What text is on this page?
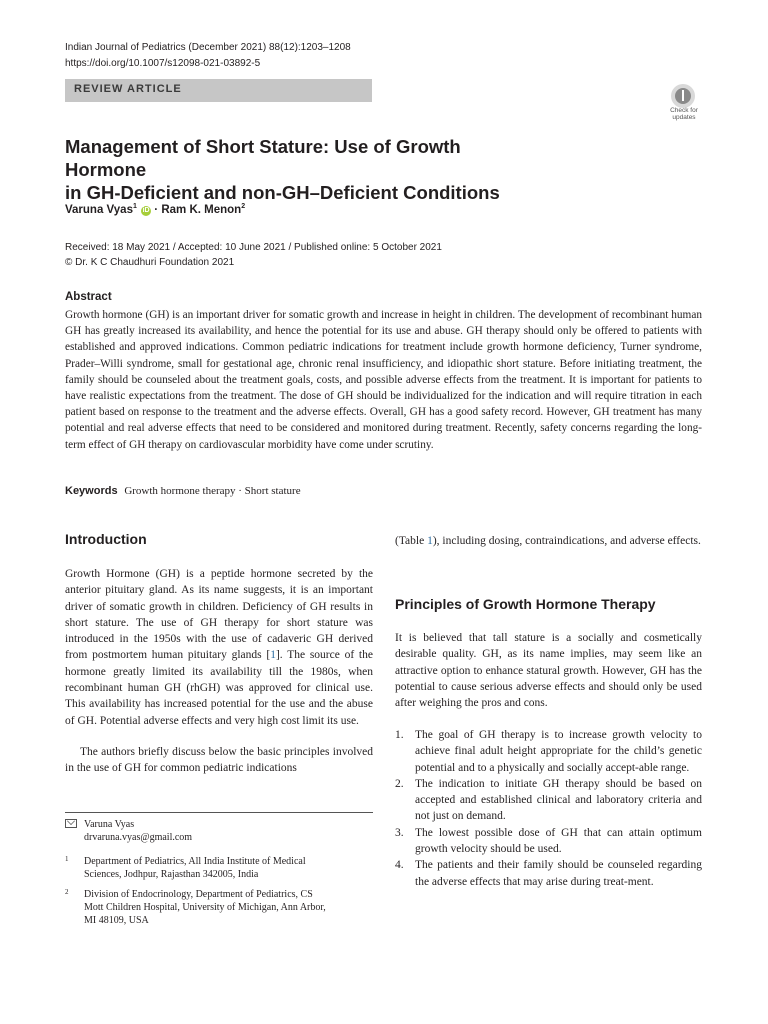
Indian Journal of Pediatrics (December 2021) 88(12):1203–1208
https://doi.org/10.1007/s12098-021-03892-5
REVIEW ARTICLE
Check for
updates
Management of Short Stature: Use of Growth Hormone
in GH-Deficient and non-GH–Deficient Conditions
Varuna Vyas$^1$ iD · Ram K. Menon$^2$
Received: 18 May 2021 / Accepted: 10 June 2021 / Published online: 5 October 2021
© Dr. K C Chaudhuri Foundation 2021
Abstract
Growth hormone (GH) is an important driver for somatic growth and increase in height in children. The development of recombinant human GH has greatly increased its availability, and hence the potential for its use and abuse. GH therapy should only be offered to patients with established and approved indications. Common pediatric indications for treatment include growth hormone deficiency, Turner syndrome, Prader–Willi syndrome, small for gestational age, chronic renal insufficiency, and idiopathic short stature. Before initiating treatment, the family should be counseled about the treatment goals, costs, and possible adverse effects from the treatment. It is important for patients to have realistic expectations from the treatment. The dose of GH should be individualized for the indication and will require titration in each patient based on response to the treatment and the adverse effects. Overall, GH has a good safety record. However, GH treatment has many potential and real adverse effects that need to be considered and monitored during treatment. Recently, safety concerns regarding the long-term effect of GH therapy on cardiovascular morbidity have come under scrutiny.
Keywords Growth hormone therapy · Short stature
Introduction
Growth Hormone (GH) is a peptide hormone secreted by the anterior pituitary gland. As its name suggests, it is an important driver of somatic growth in children. Deficiency of GH results in short stature. The use of GH therapy for short stature was introduced in the 1950s with the use of cadaveric GH derived from postmortem human pituitary glands [1]. The source of the hormone greatly limited its availability till the 1980s, when recombinant human GH (rhGH) was approved for clinical use. This availability has increased potential for the use and the abuse of GH. Potential adverse effects and very high cost limit its use.
The authors briefly discuss below the basic principles involved in the use of GH for common pediatric indications
(Table 1), including dosing, contraindications, and adverse effects.
Principles of Growth Hormone Therapy
It is believed that tall stature is a socially and cosmetically desirable quality. GH, as its name implies, may seem like an attractive option to enhance statural growth. However, GH has the potential to cause serious adverse effects and should only be used after weighing the pros and cons.
1. The goal of GH therapy is to increase growth velocity to achieve final adult height appropriate for the child’s genetic potential and to a physically and socially accept-able range.
2. The indication to initiate GH therapy should be based on accepted and established clinical and laboratory criteria and not just on demand.
3. The lowest possible dose of GH that can attain optimum growth velocity should be used.
4. The patients and their family should be counseled regarding the adverse effects that may arise during treat-ment.
Varuna Vyas
drvaruna.vyas@gmail.com
1 Department of Pediatrics, All India Institute of Medical
Sciences, Jodhpur, Rajasthan 342005, India
2 Division of Endocrinology, Department of Pediatrics, CS
Mott Children Hospital, University of Michigan, Ann Arbor,
MI 48109, USA
